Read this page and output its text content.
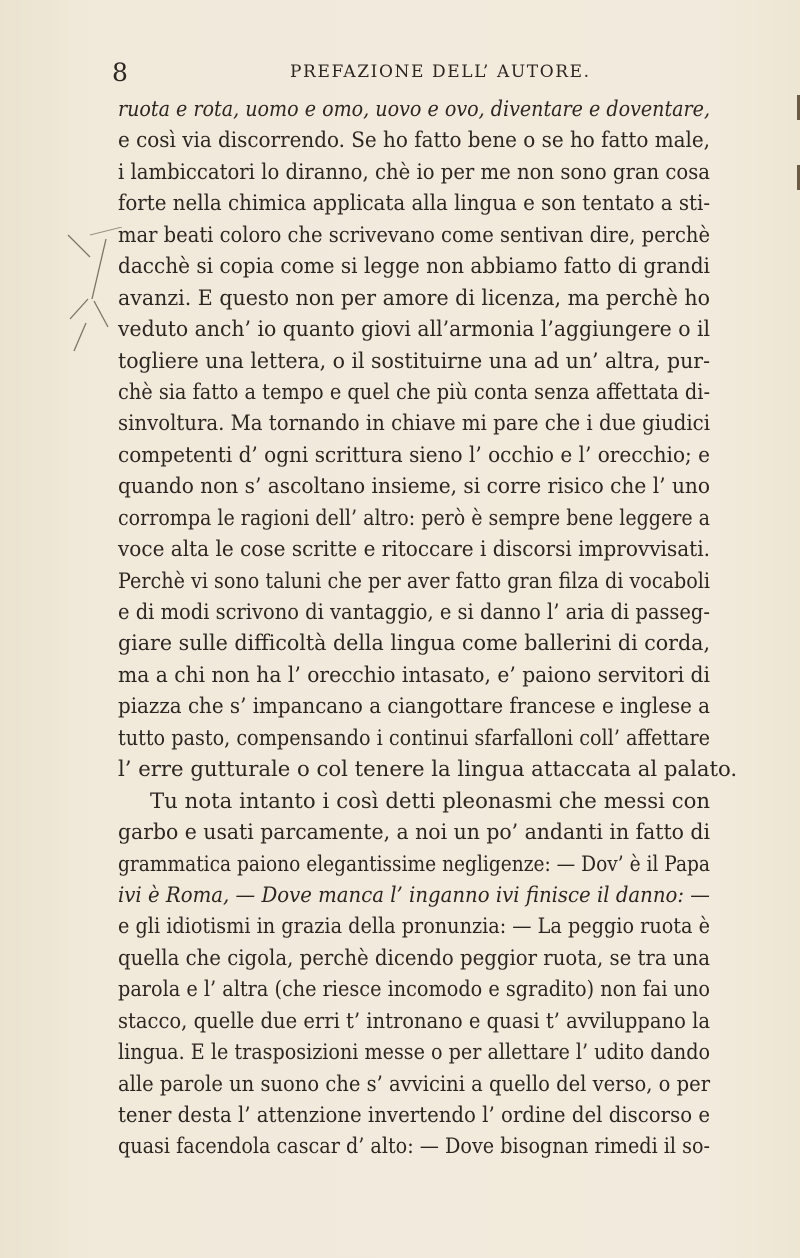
8	PREFAZIONE DELL’ AUTORE.
ruota e rota, uomo e omo, uovo e ovo, diventare e doventare,
e così via discorrendo. Se ho fatto bene o se ho fatto male,
i lambiccatori lo diranno, chè io per me non sono gran cosa
forte nella chimica applicata alla lingua e son tentato a sti-
mar beati coloro che scrivevano come sentivan dire, perchè
dacchè si copia come si legge non abbiamo fatto di grandi
avanzi. E questo non per amore di licenza, ma perchè ho
veduto anch’ io quanto giovi all’armonia l’aggiungere o il
togliere una lettera, o il sostituirne una ad un’ altra, pur-
chè sia fatto a tempo e quel che più conta senza affettata di-
sinvoltura. Ma tornando in chiave mi pare che i due giudici
competenti d’ ogni scrittura sieno l’ occhio e l’ orecchio; e
quando non s’ ascoltano insieme, si corre risico che l’ uno
corrompa le ragioni dell’ altro: però è sempre bene leggere a
voce alta le cose scritte e ritoccare i discorsi improvvisati.
Perchè vi sono taluni che per aver fatto gran filza di vocaboli
e di modi scrivono di vantaggio, e si danno l’ aria di passeg-
giare sulle difficoltà della lingua come ballerini di corda,
ma a chi non ha l’ orecchio intasato, e’ paiono servitori di
piazza che s’ impancano a ciangottare francese e inglese a
tutto pasto, compensando i continui sfarfalloni coll’ affettare
l’ erre gutturale o col tenere la lingua attaccata al palato.
Tu nota intanto i così detti pleonasmi che messi con
garbo e usati parcamente, a noi un po’ andanti in fatto di
grammatica paiono elegantissime negligenze: — Dov’ è il Papa
ivi è Roma, — Dove manca l’ inganno ivi finisce il danno: —
e gli idiotismi in grazia della pronunzia: — La peggio ruota è
quella che cigola, perchè dicendo peggior ruota, se tra una
parola e l’ altra (che riesce incomodo e sgradito) non fai uno
stacco, quelle due erri t’ intronano e quasi t’ avviluppano la
lingua. E le trasposizioni messe o per allettare l’ udito dando
alle parole un suono che s’ avvicini a quello del verso, o per
tener desta l’ attenzione invertendo l’ ordine del discorso e
quasi facendola cascar d’ alto: — Dove bisognan rimedi il so-
